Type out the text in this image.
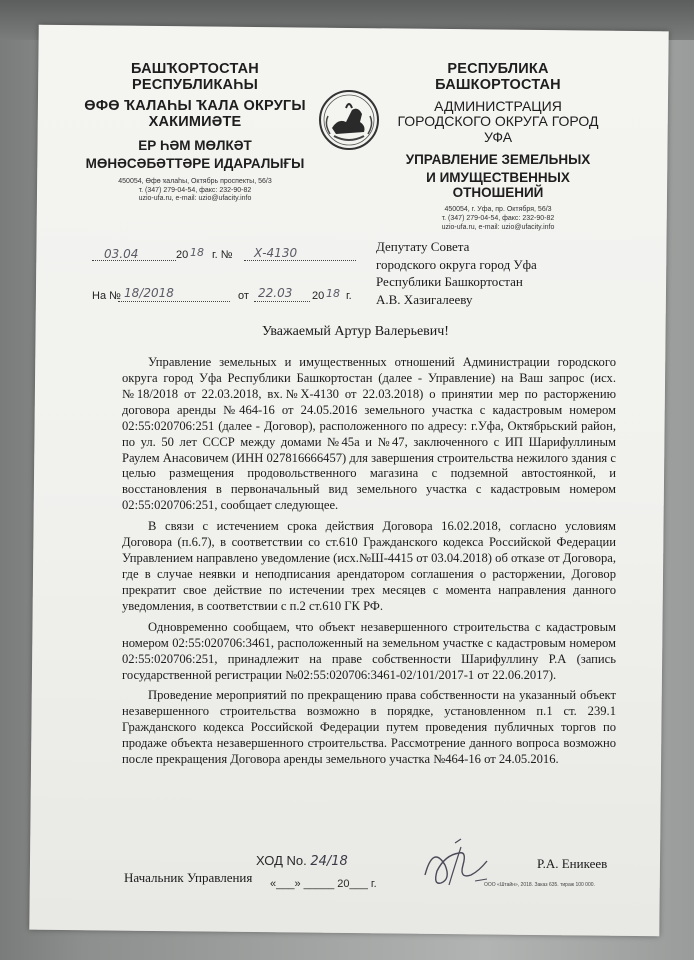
БАШҠОРТОСТАН РЕСПУБЛИКАҺЫ
ӨФӨ ҠАЛАҺЫ ҠАЛА ОКРУГЫ
ХАКИМИӘТЕ
ЕР ҺӘМ МӨЛКӘТ
МӨНӘСӘБӘТТӘРЕ ИДАРАЛЫҒЫ
450054, Өфө ҡалаһы, Октябрь проспекты, 56/3
т. (347) 279-04-54, факс: 232-90-82
uzio-ufa.ru, e-mail: uzio@ufacity.info
РЕСПУБЛИКА БАШКОРТОСТАН
АДМИНИСТРАЦИЯ
ГОРОДСКОГО ОКРУГА ГОРОД УФА
УПРАВЛЕНИЕ ЗЕМЕЛЬНЫХ
И ИМУЩЕСТВЕННЫХ ОТНОШЕНИЙ
450054, г. Уфа, пр. Октября, 56/3
т. (347) 279-04-54, факс: 232-90-82
uzio-ufa.ru, e-mail: uzio@ufacity.info
03.04	20 18 г. № Х-4130
На № 18/2018	от 22.03 20 18 г.
Депутату Совета
городского округа город Уфа
Республики Башкортостан
А.В. Хазигалееву
Уважаемый Артур Валерьевич!

Управление земельных и имущественных отношений Администрации городского округа город Уфа Республики Башкортостан (далее - Управление) на Ваш запрос (исх.№18/2018 от 22.03.2018, вх.№Х-4130 от 22.03.2018) о принятии мер по расторжению договора аренды №464-16 от 24.05.2016 земельного участка с кадастровым номером 02:55:020706:251 (далее - Договор), расположенного по адресу: г.Уфа, Октябрьский район, по ул. 50 лет СССР между домами №45а и №47, заключенного с ИП Шарифуллиным Раулем Анасовичем (ИНН 027816666457) для завершения строительства нежилого здания с целью размещения продовольственного магазина с подземной автостоянкой, и восстановления в первоначальный вид земельного участка с кадастровым номером 02:55:020706:251, сообщает следующее.

В связи с истечением срока действия Договора 16.02.2018, согласно условиям Договора (п.6.7), в соответствии со ст.610 Гражданского кодекса Российской Федерации Управлением направлено уведомление (исх.№Ш-4415 от 03.04.2018) об отказе от Договора, где в случае неявки и неподписания арендатором соглашения о расторжении, Договор прекратит свое действие по истечении трех месяцев с момента направления данного уведомления, в соответствии с п.2 ст.610 ГК РФ.

Одновременно сообщаем, что объект незавершенного строительства с кадастровым номером 02:55:020706:3461, расположенный на земельном участке с кадастровым номером 02:55:020706:251, принадлежит на праве собственности Шарифуллину Р.А (запись государственной регистрации №02:55:020706:3461-02/101/2017-1 от 22.06.2017).

Проведение мероприятий по прекращению права собственности на указанный объект незавершенного строительства возможно в порядке, установленном п.1 ст. 239.1 Гражданского кодекса Российской Федерации путем проведения публичных торгов по продаже объекта незавершенного строительства. Рассмотрение данного вопроса возможно после прекращения Договора аренды земельного участка №464-16 от 24.05.2016.

Начальник Управления
Р.А. Еникеев
ХОД No. 24/18
«___» _____ 20___ г.	ООО «Штайн», 2018. Заказ 635. тираж 100 000.
